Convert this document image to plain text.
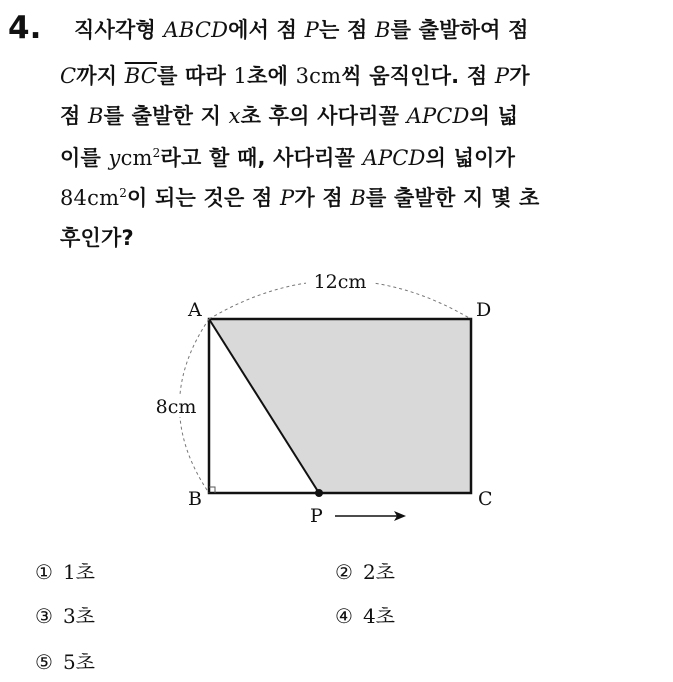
4. 직사각형 ABCD에서 점 P는 점 B를 출발하여 점
C까지 $\overline{BC}$를 따라 1초에 3cm씩 움직인다. 점 P가
점 B를 출발한 지 x초 후의 사다리꼴 APCD의 넓
이를 ycm$^2$라고 할 때, 사다리꼴 APCD의 넓이가
$84cm^2$이 되는 것은 점 P가 점 B를 출발한 지 몇 초
후인가?
12cm
8cm
A	D
B	C
P
① 1초	② 2초
③ 3초	④ 4초
⑤ 5초
